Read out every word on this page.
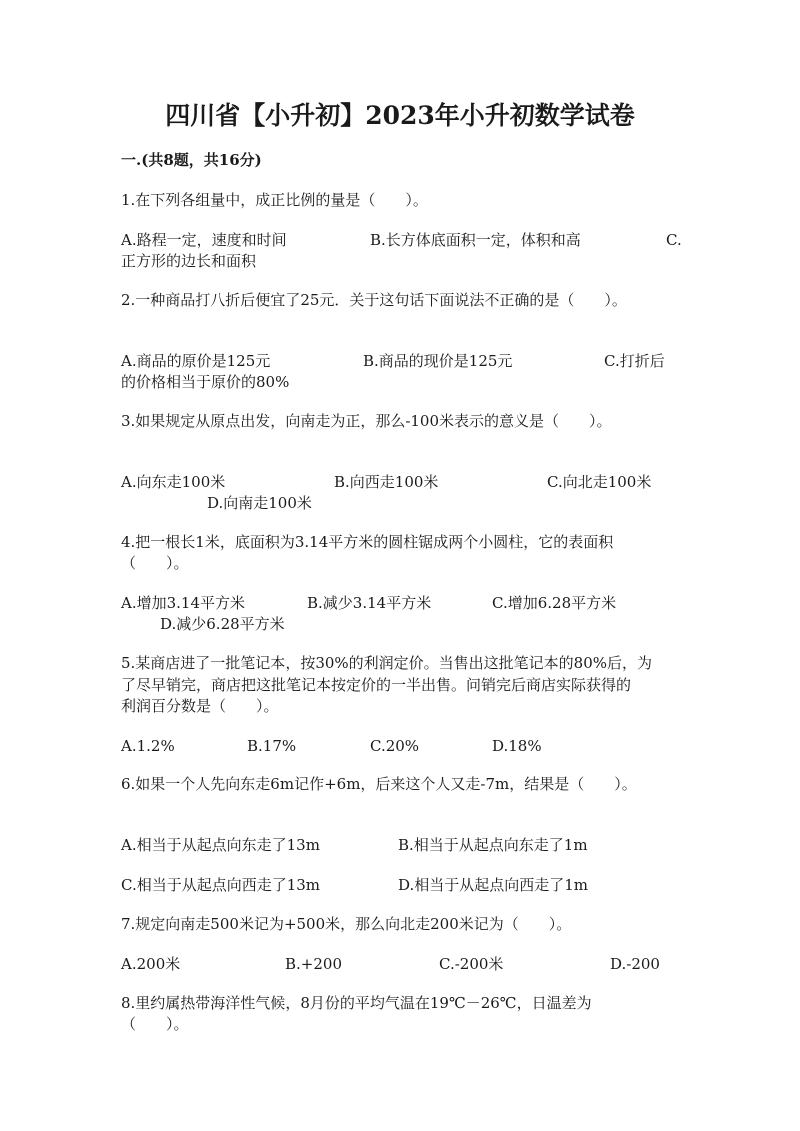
四川省【小升初】2023年小升初数学试卷
一.(共8题，共16分)

1.在下列各组量中，成正比例的量是（　　）。

A.路程一定，速度和时间	B.长方体底面积一定，体积和高	C.
正方形的边长和面积

2.一种商品打八折后便宜了25元．关于这句话下面说法不正确的是（　　）。

A.商品的原价是125元	B.商品的现价是125元	C.打折后
的价格相当于原价的80%

3.如果规定从原点出发，向南走为正，那么-100米表示的意义是（　　）。

A.向东走100米	B.向西走100米	C.向北走100米
D.向南走100米

4.把一根长1米，底面积为3.14平方米的圆柱锯成两个小圆柱，它的表面积

（　　）。

A.增加3.14平方米	B.减少3.14平方米	C.增加6.28平方米
D.减少6.28平方米

5.某商店进了一批笔记本，按30%的利润定价。当售出这批笔记本的80%后，为

了尽早销完，商店把这批笔记本按定价的一半出售。问销完后商店实际获得的

利润百分数是（　　）。

A.1.2%	B.17%	C.20%	D.18%

6.如果一个人先向东走6m记作+6m，后来这个人又走-7m，结果是（　　）。

A.相当于从起点向东走了13m	B.相当于从起点向东走了1m
C.相当于从起点向西走了13m	D.相当于从起点向西走了1m

7.规定向南走500米记为+500米，那么向北走200米记为（　　）。

A.200米	B.+200	C.-200米	D.-200

8.里约属热带海洋性气候，8月份的平均气温在19℃－26℃，日温差为

（　　）。
